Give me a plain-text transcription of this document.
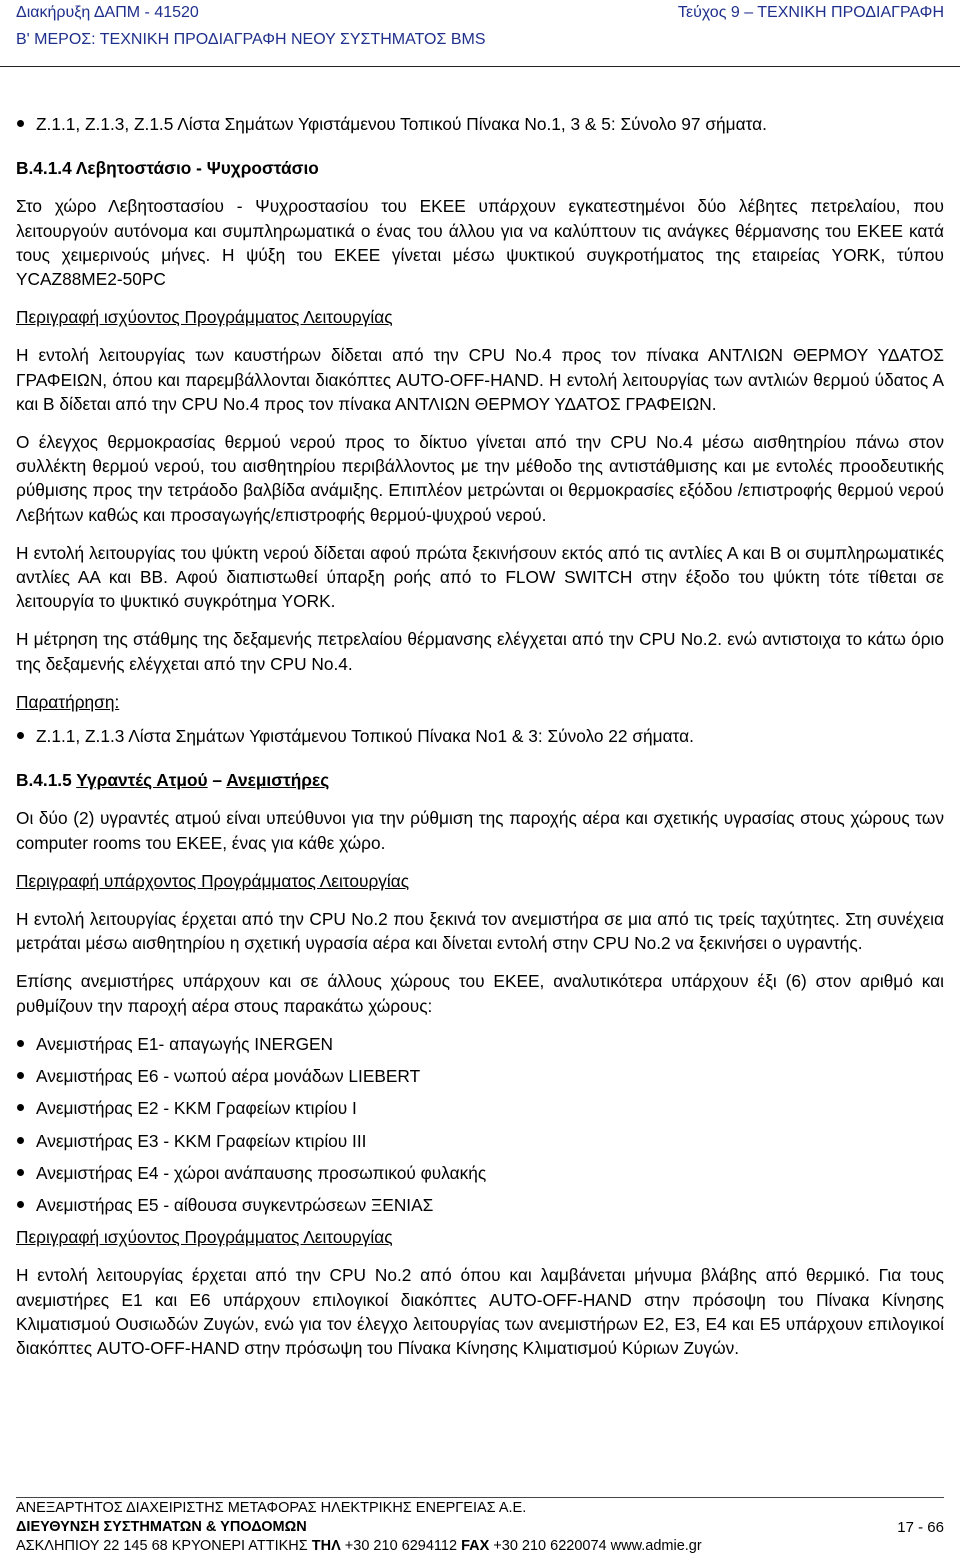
Διακήρυξη ΔΑΠΜ - 41520	Τεύχος 9 – ΤΕΧΝΙΚΗ ΠΡΟΔΙΑΓΡΑΦΗ
Β' ΜΕΡΟΣ: ΤΕΧΝΙΚΗ ΠΡΟΔΙΑΓΡΑΦΗ ΝΕΟΥ ΣΥΣΤΗΜΑΤΟΣ BMS
Ζ.1.1, Ζ.1.3, Ζ.1.5 Λίστα Σημάτων Υφιστάμενου Τοπικού Πίνακα Νο.1, 3 & 5: Σύνολο 97 σήματα.

Β.4.1.4 Λεβητοστάσιο - Ψυχροστάσιο

Στο χώρο Λεβητοστασίου - Ψυχροστασίου του ΕΚΕΕ υπάρχουν εγκατεστημένοι δύο λέβητες πετρελαίου, που λειτουργούν αυτόνομα και συμπληρωματικά ο ένας του άλλου για να καλύπτουν τις ανάγκες θέρμανσης του ΕΚΕΕ κατά τους χειμερινούς μήνες. Η ψύξη του ΕΚΕΕ γίνεται μέσω ψυκτικού συγκροτήματος της εταιρείας YORK, τύπου YCAZ88ME2-50PC

Περιγραφή ισχύοντος Προγράμματος Λειτουργίας

Η εντολή λειτουργίας των καυστήρων δίδεται από την CPU Νο.4 προς τον πίνακα ΑΝΤΛΙΩΝ ΘΕΡΜΟΥ ΥΔΑΤΟΣ ΓΡΑΦΕΙΩΝ, όπου και παρεμβάλλονται διακόπτες AUTO-OFF-HAND. Η εντολή λειτουργίας των αντλιών θερμού ύδατος Α και Β δίδεται από την CPU Νο.4 προς τον πίνακα ΑΝΤΛΙΩΝ ΘΕΡΜΟΥ ΥΔΑΤΟΣ ΓΡΑΦΕΙΩΝ.

Ο έλεγχος θερμοκρασίας θερμού νερού προς το δίκτυο γίνεται από την CPU Νο.4 μέσω αισθητηρίου πάνω στον συλλέκτη θερμού νερού, του αισθητηρίου περιβάλλοντος με την μέθοδο της αντιστάθμισης και με εντολές προοδευτικής ρύθμισης προς την τετράοδο βαλβίδα ανάμιξης. Επιπλέον μετρώνται οι θερμοκρασίες εξόδου /επιστροφής θερμού νερού Λεβήτων καθώς και προσαγωγής/επιστροφής θερμού-ψυχρού νερού.

Η εντολή λειτουργίας του ψύκτη νερού δίδεται αφού πρώτα ξεκινήσουν εκτός από τις αντλίες Α και Β οι συμπληρωματικές αντλίες ΑΑ και ΒΒ. Αφού διαπιστωθεί ύπαρξη ροής από το FLOW SWITCH στην έξοδο του ψύκτη τότε τίθεται σε λειτουργία το ψυκτικό συγκρότημα YORK.

Η μέτρηση της στάθμης της δεξαμενής πετρελαίου θέρμανσης ελέγχεται από την CPU Νο.2. ενώ αντιστοιχα το κάτω όριο της δεξαμενής ελέγχεται από την CPU Νο.4.

Παρατήρηση:

Ζ.1.1, Ζ.1.3 Λίστα Σημάτων Υφιστάμενου Τοπικού Πίνακα Νο1 & 3: Σύνολο 22 σήματα.

Β.4.1.5 Υγραντές Ατμού – Ανεμιστήρες

Οι δύο (2) υγραντές ατμού είναι υπεύθυνοι για την ρύθμιση της παροχής αέρα και σχετικής υγρασίας στους χώρους των computer rooms του ΕΚΕΕ, ένας για κάθε χώρο.

Περιγραφή υπάρχοντος Προγράμματος Λειτουργίας

Η εντολή λειτουργίας έρχεται από την CPU Νο.2 που ξεκινά τον ανεμιστήρα σε μια από τις τρείς ταχύτητες. Στη συνέχεια μετράται μέσω αισθητηρίου η σχετική υγρασία αέρα και δίνεται εντολή στην CPU Νο.2 να ξεκινήσει ο υγραντής.

Επίσης ανεμιστήρες υπάρχουν και σε άλλους χώρους του ΕΚΕΕ, αναλυτικότερα υπάρχουν έξι (6) στον αριθμό και ρυθμίζουν την παροχή αέρα στους παρακάτω χώρους:

Ανεμιστήρας Ε1- απαγωγής INERGEN
Ανεμιστήρας Ε6 - νωπού αέρα μονάδων LIEBERT
Ανεμιστήρας Ε2 - ΚΚΜ Γραφείων κτιρίου Ι
Ανεμιστήρας Ε3 - ΚΚΜ Γραφείων κτιρίου ΙΙΙ
Ανεμιστήρας Ε4 - χώροι ανάπαυσης προσωπικού φυλακής
Ανεμιστήρας Ε5 - αίθουσα συγκεντρώσεων ΞΕΝΙΑΣ

Περιγραφή ισχύοντος Προγράμματος Λειτουργίας

Η εντολή λειτουργίας έρχεται από την CPU Νο.2 από όπου και λαμβάνεται μήνυμα βλάβης από θερμικό. Για τους ανεμιστήρες Ε1 και Ε6 υπάρχουν επιλογικοί διακόπτες AUTO-OFF-HAND στην πρόσοψη του Πίνακα Κίνησης Κλιματισμού Ουσιωδών Ζυγών, ενώ για τον έλεγχο λειτουργίας των ανεμιστήρων Ε2, Ε3, Ε4 και Ε5 υπάρχουν επιλογικοί διακόπτες AUTO-OFF-HAND στην πρόσωψη του Πίνακα Κίνησης Κλιματισμού Κύριων Ζυγών.

ΑΝΕΞΑΡΤΗΤΟΣ ΔΙΑΧΕΙΡΙΣΤΗΣ ΜΕΤΑΦΟΡΑΣ ΗΛΕΚΤΡΙΚΗΣ ΕΝΕΡΓΕΙΑΣ Α.Ε.
ΔΙΕΥΘΥΝΣΗ ΣΥΣΤΗΜΑΤΩΝ & ΥΠΟΔΟΜΩΝ	17 - 66
ΑΣΚΛΗΠΙΟΥ 22 145 68 ΚΡΥΟΝΕΡΙ ΑΤΤΙΚΗΣ ΤΗΛ +30 210 6294112 FAX +30 210 6220074 www.admie.gr
